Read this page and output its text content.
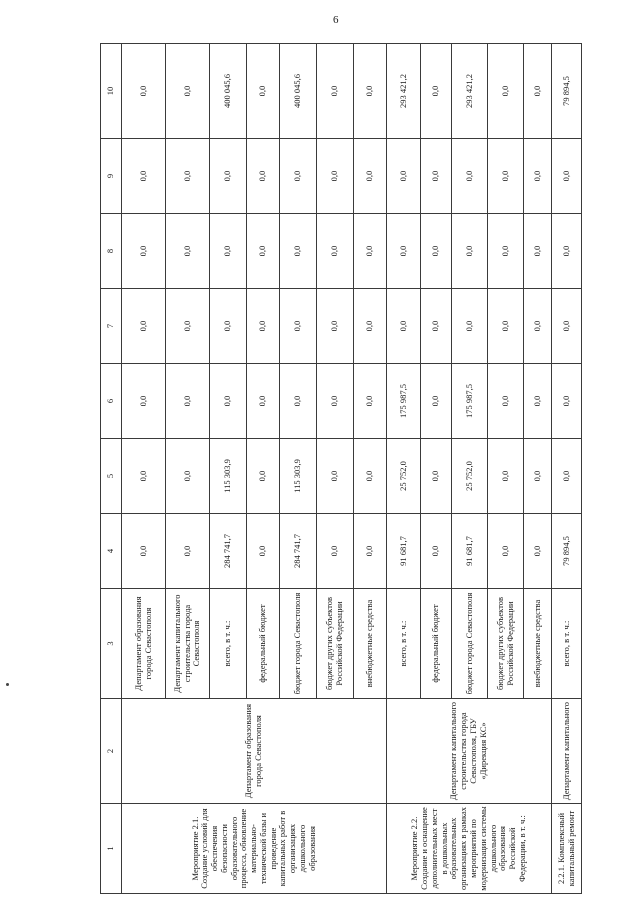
6
1	2	3	4	5	6	7	8	9	10
Мероприятие 2.1. Создание условий для обеспечения безопасности образовательного процесса, обновление материально-технической базы и проведение капитальных работ в организациях дошкольного образования	Департамент образования города Севастополя	Департамент образования города Севастополя	0,0	0,0	0,0	0,0	0,0	0,0	0,0
		Департамент капитального строительства города Севастополя	0,0	0,0	0,0	0,0	0,0	0,0	0,0
		всего, в т. ч.:	284 741,7	115 303,9	0,0	0,0	0,0	0,0	400 045,6
		федеральный бюджет	0,0	0,0	0,0	0,0	0,0	0,0	0,0
		бюджет города Севастополя	284 741,7	115 303,9	0,0	0,0	0,0	0,0	400 045,6
		бюджет других субъектов Российской Федерации	0,0	0,0	0,0	0,0	0,0	0,0	0,0
		внебюджетные средства	0,0	0,0	0,0	0,0	0,0	0,0	0,0
Мероприятие 2.2. Создание и оснащение дополнительных мест в дошкольных образовательных организациях в рамках мероприятий по модернизации системы дошкольного образования Российской Федерации, в т. ч.:	Департамент капитального строительства города Севастополя, ГБУ «Дирекция КС»	всего, в т. ч.:	91 681,7	25 752,0	175 987,5	0,0	0,0	0,0	293 421,2
		федеральный бюджет	0,0	0,0	0,0	0,0	0,0	0,0	0,0
		бюджет города Севастополя	91 681,7	25 752,0	175 987,5	0,0	0,0	0,0	293 421,2
		бюджет других субъектов Российской Федерации	0,0	0,0	0,0	0,0	0,0	0,0	0,0
		внебюджетные средства	0,0	0,0	0,0	0,0	0,0	0,0	0,0
2.2.1. Комплексный капитальный ремонт	Департамент капитального	всего, в т. ч.:	79 894,5	0,0	0,0	0,0	0,0	0,0	79 894,5
